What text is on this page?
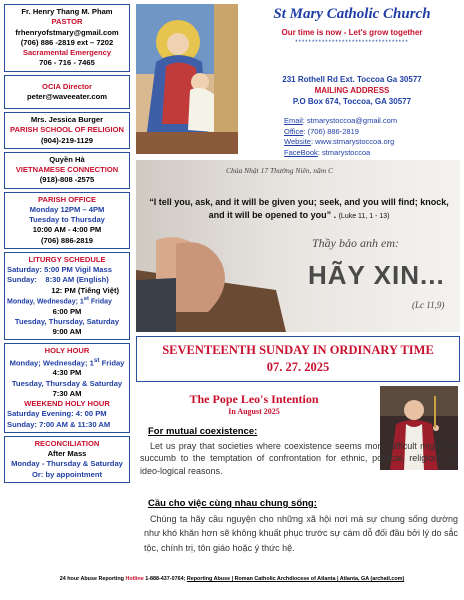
Fr. Henry Thang M. Pham
PASTOR
frhenryofstmary@gmail.com
(706) 886 -2819 ext – 7202
Sacramental Emergency
706 - 716 - 7465
OCIA Director
peter@waveeater.com
Mrs. Jessica Burger
PARISH SCHOOL OF RELIGION
(904)-219-1129
Quyền Hà
VIETNAMESE CONNECTION
(918)-808 -2575
PARISH OFFICE
Monday 12PM – 4PM
Tuesday to Thursday
10:00 AM - 4:00 PM
(706) 886-2819
LITURGY SCHEDULE
Saturday: 5:00 PM Vigil Mass
Sunday:    8:30 AM (English)
12: PM (Tiếng Việt)
Monday, Wednesday; 1st Friday
6:00 PM
Tuesday, Thursday, Saturday
9:00 AM
HOLY HOUR
Monday; Wednesday; 1st Friday
4:30 PM
Tuesday, Thursday & Saturday
7:30 AM
WEEKEND HOLY HOUR
Saturday Evening: 4: 00 PM
Sunday: 7:00 AM & 11:30 AM
RECONCILIATION
After Mass
Monday - Thursday & Saturday
Or: by appointment
St Mary Catholic Church
Our time is now - Let's grow together
**********************************
231 Rothell Rd Ext. Toccoa Ga 30577
MAILING ADDRESS
P.O Box 674, Toccoa, GA 30577
Email: stmarystoccoa@gmail.com
Office: (706) 886-2819
Website: www.stmarystoccoa.org
FaceBook: stmarystoccoa
Chúa Nhật 17 Thường Niên, năm C
“I tell you, ask, and it will be given you; seek, and you will find; knock, and it will be opened to you” . (Luke 11, 1 - 13)
Thầy bảo anh em:
HÃY XIN...
(Lc 11,9)
SEVENTEENTH SUNDAY IN ORDINARY TIME
07. 27. 2025
The Pope Leo's Intention
In August 2025
For mutual coexistence:
Let us pray that societies where coexistence seems more difficult might not succumb to the temptation of confrontation for ethnic, political, religious, or ideo-logical reasons.
Cầu cho việc cùng nhau chung sống:
Chúng ta hãy cầu nguyện cho những xã hội nơi mà sự chung sống dường như khó khăn hơn sẽ không khuất phục trước sự cám dỗ đối đầu bởi lý do sắc tộc, chính trị, tôn giáo hoặc ý thức hệ.
24 hour Abuse Reporting Hotline 1-888-437-0764; Reporting Abuse | Roman Catholic Archdiocese of Atlanta | Atlanta, GA (archatl.com)
